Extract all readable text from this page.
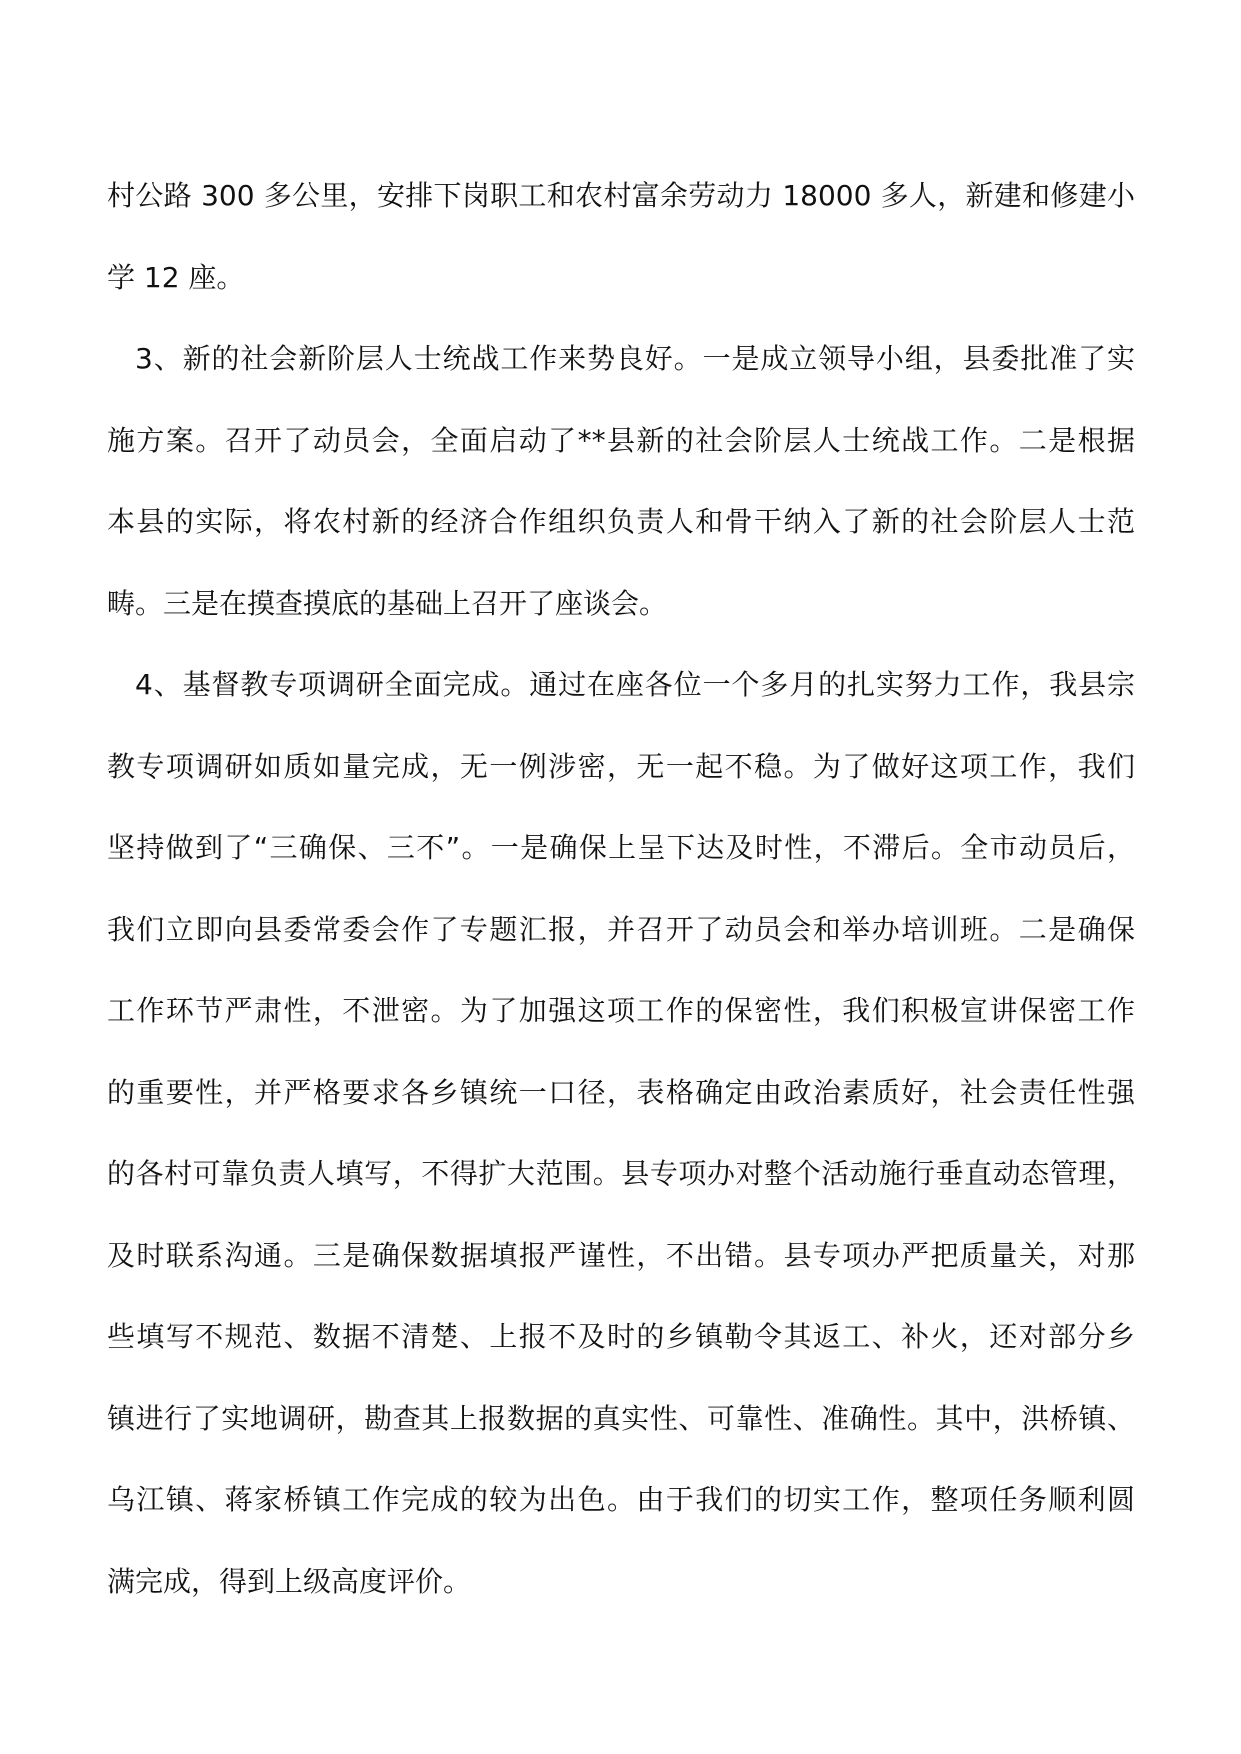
村公路 300 多公里，安排下岗职工和农村富余劳动力 18000 多人，新建和修建小
学 12 座。
3、新的社会新阶层人士统战工作来势良好。一是成立领导小组，县委批准了实
施方案。召开了动员会，全面启动了**县新的社会阶层人士统战工作。二是根据
本县的实际，将农村新的经济合作组织负责人和骨干纳入了新的社会阶层人士范
畴。三是在摸查摸底的基础上召开了座谈会。
4、基督教专项调研全面完成。通过在座各位一个多月的扎实努力工作，我县宗
教专项调研如质如量完成，无一例涉密，无一起不稳。为了做好这项工作，我们
坚持做到了“三确保、三不”。一是确保上呈下达及时性，不滞后。全市动员后，
我们立即向县委常委会作了专题汇报，并召开了动员会和举办培训班。二是确保
工作环节严肃性，不泄密。为了加强这项工作的保密性，我们积极宣讲保密工作
的重要性，并严格要求各乡镇统一口径，表格确定由政治素质好，社会责任性强
的各村可靠负责人填写，不得扩大范围。县专项办对整个活动施行垂直动态管理，
及时联系沟通。三是确保数据填报严谨性，不出错。县专项办严把质量关，对那
些填写不规范、数据不清楚、上报不及时的乡镇勒令其返工、补火，还对部分乡
镇进行了实地调研，勘查其上报数据的真实性、可靠性、准确性。其中，洪桥镇、
乌江镇、蒋家桥镇工作完成的较为出色。由于我们的切实工作，整项任务顺利圆
满完成，得到上级高度评价。
